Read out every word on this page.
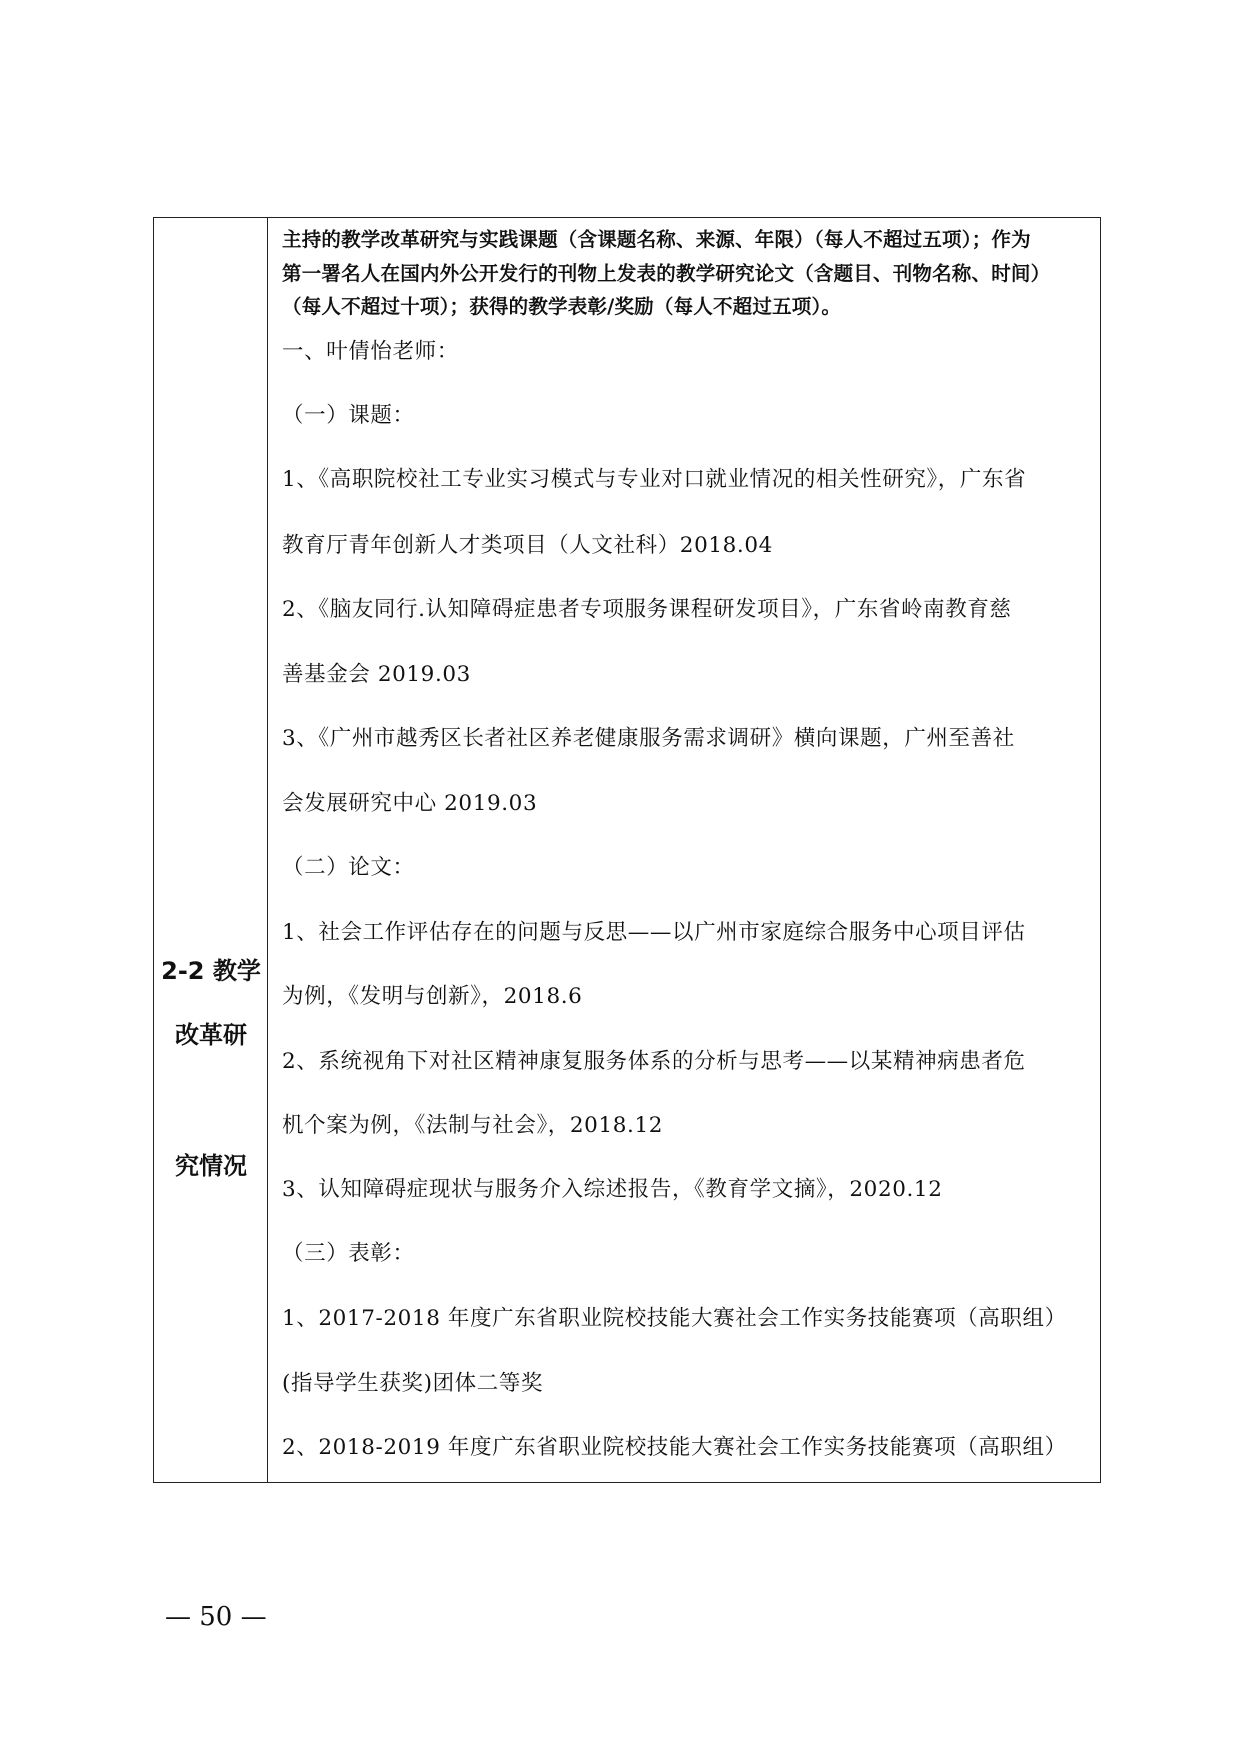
2-2 教学
改革研
究情况
主持的教学改革研究与实践课题（含课题名称、来源、年限）（每人不超过五项）；作为
第一署名人在国内外公开发行的刊物上发表的教学研究论文（含题目、刊物名称、时间）
（每人不超过十项）；获得的教学表彰/奖励（每人不超过五项）。
一、叶倩怡老师：
（一）课题：
1、《高职院校社工专业实习模式与专业对口就业情况的相关性研究》，广东省
教育厅青年创新人才类项目（人文社科）2018.04
2、《脑友同行.认知障碍症患者专项服务课程研发项目》，广东省岭南教育慈
善基金会 2019.03
3、《广州市越秀区长者社区养老健康服务需求调研》横向课题，广州至善社
会发展研究中心 2019.03
（二）论文：
1、社会工作评估存在的问题与反思——以广州市家庭综合服务中心项目评估
为例，《发明与创新》，2018.6
2、系统视角下对社区精神康复服务体系的分析与思考——以某精神病患者危
机个案为例，《法制与社会》，2018.12
3、认知障碍症现状与服务介入综述报告，《教育学文摘》，2020.12
（三）表彰：
1、2017-2018 年度广东省职业院校技能大赛社会工作实务技能赛项（高职组）
(指导学生获奖)团体二等奖
2、2018-2019 年度广东省职业院校技能大赛社会工作实务技能赛项（高职组）
— 50 —
